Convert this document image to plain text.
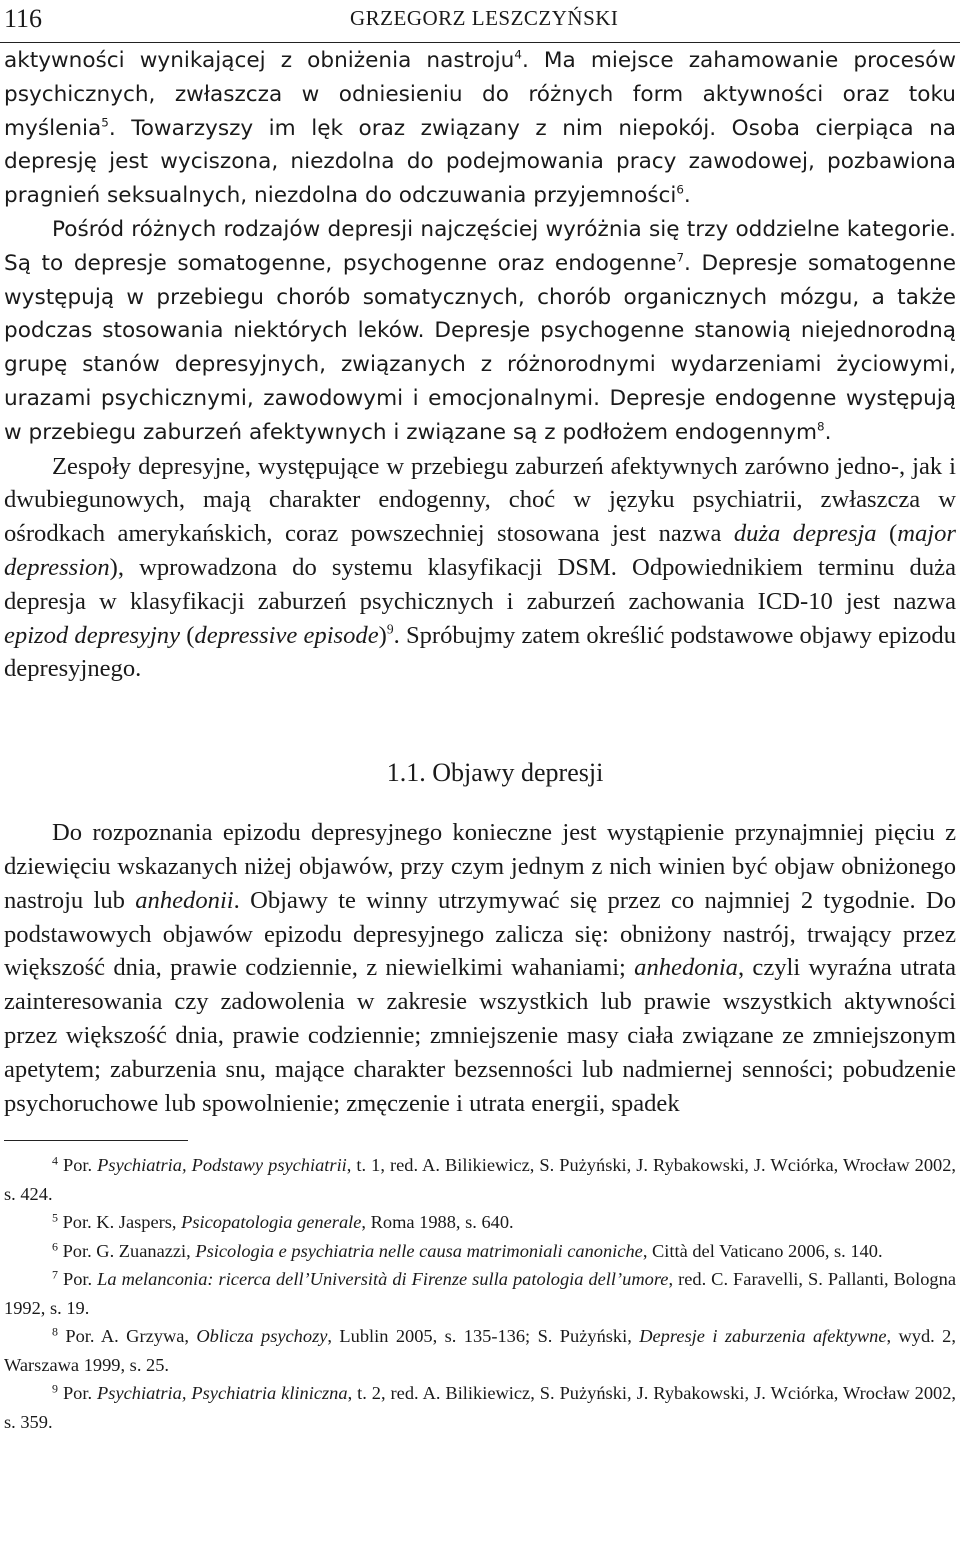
116	GRZEGORZ LESZCZYŃSKI

aktywności wynikającej z obniżenia nastroju$^4$. Ma miejsce zahamowanie procesów psychicznych, zwłaszcza w odniesieniu do różnych form aktywności oraz toku myślenia$^5$. Towarzyszy im lęk oraz związany z nim niepokój. Osoba cierpiąca na depresję jest wyciszona, niezdolna do podejmowania pracy zawodowej, pozbawiona pragnień seksualnych, niezdolna do odczuwania przyjemności$^6$.

Pośród różnych rodzajów depresji najczęściej wyróżnia się trzy oddzielne kategorie. Są to depresje somatogenne, psychogenne oraz endogenne$^7$. Depresje somatogenne występują w przebiegu chorób somatycznych, chorób organicznych mózgu, a także podczas stosowania niektórych leków. Depresje psychogenne stanowią niejednorodną grupę stanów depresyjnych, związanych z różnorodnymi wydarzeniami życiowymi, urazami psychicznymi, zawodowymi i emocjonalnymi. Depresje endogenne występują w przebiegu zaburzeń afektywnych i związane są z podłożem endogennym$^8$.

Zespoły depresyjne, występujące w przebiegu zaburzeń afektywnych zarówno jedno-, jak i dwubiegunowych, mają charakter endogenny, choć w języku psychiatrii, zwłaszcza w ośrodkach amerykańskich, coraz powszechniej stosowana jest nazwa duża depresja (major depression), wprowadzona do systemu klasyfikacji DSM. Odpowiednikiem terminu duża depresja w klasyfikacji zaburzeń psychicznych i zaburzeń zachowania ICD-10 jest nazwa epizod depresyjny (depressive episode)$^9$. Spróbujmy zatem określić podstawowe objawy epizodu depresyjnego.

1.1. Objawy depresji

Do rozpoznania epizodu depresyjnego konieczne jest wystąpienie przynajmniej pięciu z dziewięciu wskazanych niżej objawów, przy czym jednym z nich winien być objaw obniżonego nastroju lub anhedonii. Objawy te winny utrzymywać się przez co najmniej 2 tygodnie. Do podstawowych objawów epizodu depresyjnego zalicza się: obniżony nastrój, trwający przez większość dnia, prawie codziennie, z niewielkimi wahaniami; anhedonia, czyli wyraźna utrata zainteresowania czy zadowolenia w zakresie wszystkich lub prawie wszystkich aktywności przez większość dnia, prawie codziennie; zmniejszenie masy ciała związane ze zmniejszonym apetytem; zaburzenia snu, mające charakter bezsenności lub nadmiernej senności; pobudzenie psychoruchowe lub spowolnienie; zmęczenie i utrata energii, spadek

$^4$ Por. Psychiatria, Podstawy psychiatrii, t. 1, red. A. Bilikiewicz, S. Pużyński, J. Rybakowski, J. Wciórka, Wrocław 2002, s. 424.

$^5$ Por. K. Jaspers, Psicopatologia generale, Roma 1988, s. 640.

$^6$ Por. G. Zuanazzi, Psicologia e psychiatria nelle causa matrimoniali canoniche, Città del Vaticano 2006, s. 140.

$^7$ Por. La melanconia: ricerca dell’Università di Firenze sulla patologia dell’umore, red. C. Faravelli, S. Pallanti, Bologna 1992, s. 19.

$^8$ Por. A. Grzywa, Oblicza psychozy, Lublin 2005, s. 135-136; S. Pużyński, Depresje i zaburzenia afektywne, wyd. 2, Warszawa 1999, s. 25.

$^9$ Por. Psychiatria, Psychiatria kliniczna, t. 2, red. A. Bilikiewicz, S. Pużyński, J. Rybakowski, J. Wciórka, Wrocław 2002, s. 359.
